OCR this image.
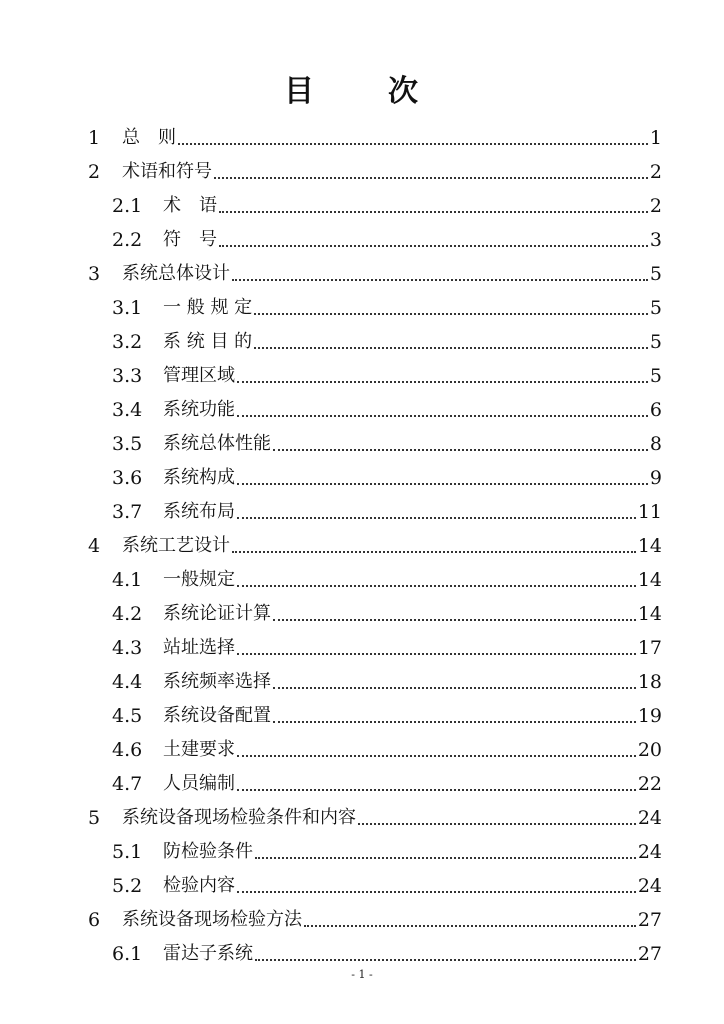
目　次
1 总　则	1
2 术语和符号	2
2.1 术　语	2
2.2 符　号	3
3 系统总体设计	5
3.1 一 般 规 定	5
3.2 系 统 目 的	5
3.3 管理区域	5
3.4 系统功能	6
3.5 系统总体性能	8
3.6 系统构成	9
3.7 系统布局	11
4 系统工艺设计	14
4.1 一般规定	14
4.2 系统论证计算	14
4.3 站址选择	17
4.4 系统频率选择	18
4.5 系统设备配置	19
4.6 土建要求	20
4.7 人员编制	22
5 系统设备现场检验条件和内容	24
5.1 防检验条件	24
5.2 检验内容	24
6 系统设备现场检验方法	27
6.1 雷达子系统	27
- 1 -
